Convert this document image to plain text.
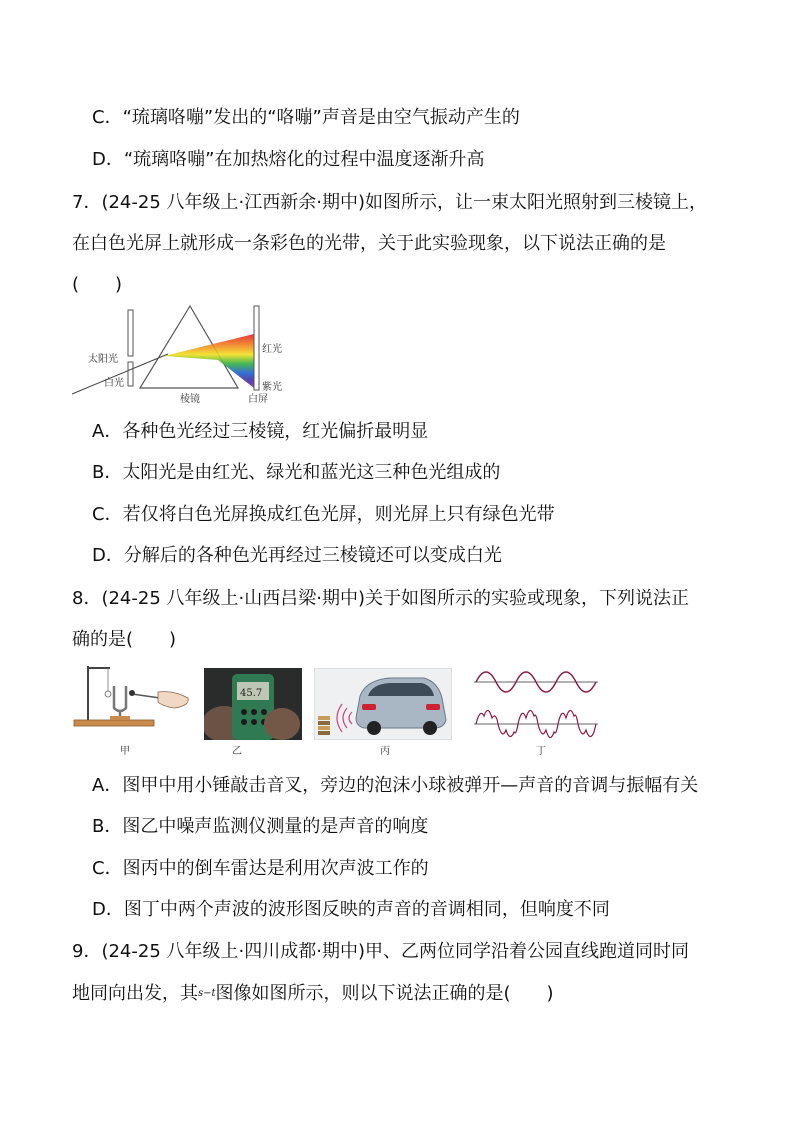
C．“琉璃咯嘣”发出的“咯嘣”声音是由空气振动产生的
D．“琉璃咯嘣”在加热熔化的过程中温度逐渐升高
7．(24-25 八年级上·江西新余·期中)如图所示，让一束太阳光照射到三棱镜上，
在白色光屏上就形成一条彩色的光带，关于此实验现象，以下说法正确的是
(　　)
太阳光
白光
棱镜	白屏
红光
紫光
A．各种色光经过三棱镜，红光偏折最明显
B．太阳光是由红光、绿光和蓝光这三种色光组成的
C．若仅将白色光屏换成红色光屏，则光屏上只有绿色光带
D．分解后的各种色光再经过三棱镜还可以变成白光
8．(24-25 八年级上·山西吕梁·期中)关于如图所示的实验或现象，下列说法正
确的是(　　)
甲
45.7
乙	丙	丁
A．图甲中用小锤敲击音叉，旁边的泡沫小球被弹开—声音的音调与振幅有关
B．图乙中噪声监测仪测量的是声音的响度
C．图丙中的倒车雷达是利用次声波工作的
D．图丁中两个声波的波形图反映的声音的音调相同，但响度不同
9．(24-25 八年级上·四川成都·期中)甲、乙两位同学沿着公园直线跑道同时同
地同向出发，其s−t图像如图所示，则以下说法正确的是(　　)
